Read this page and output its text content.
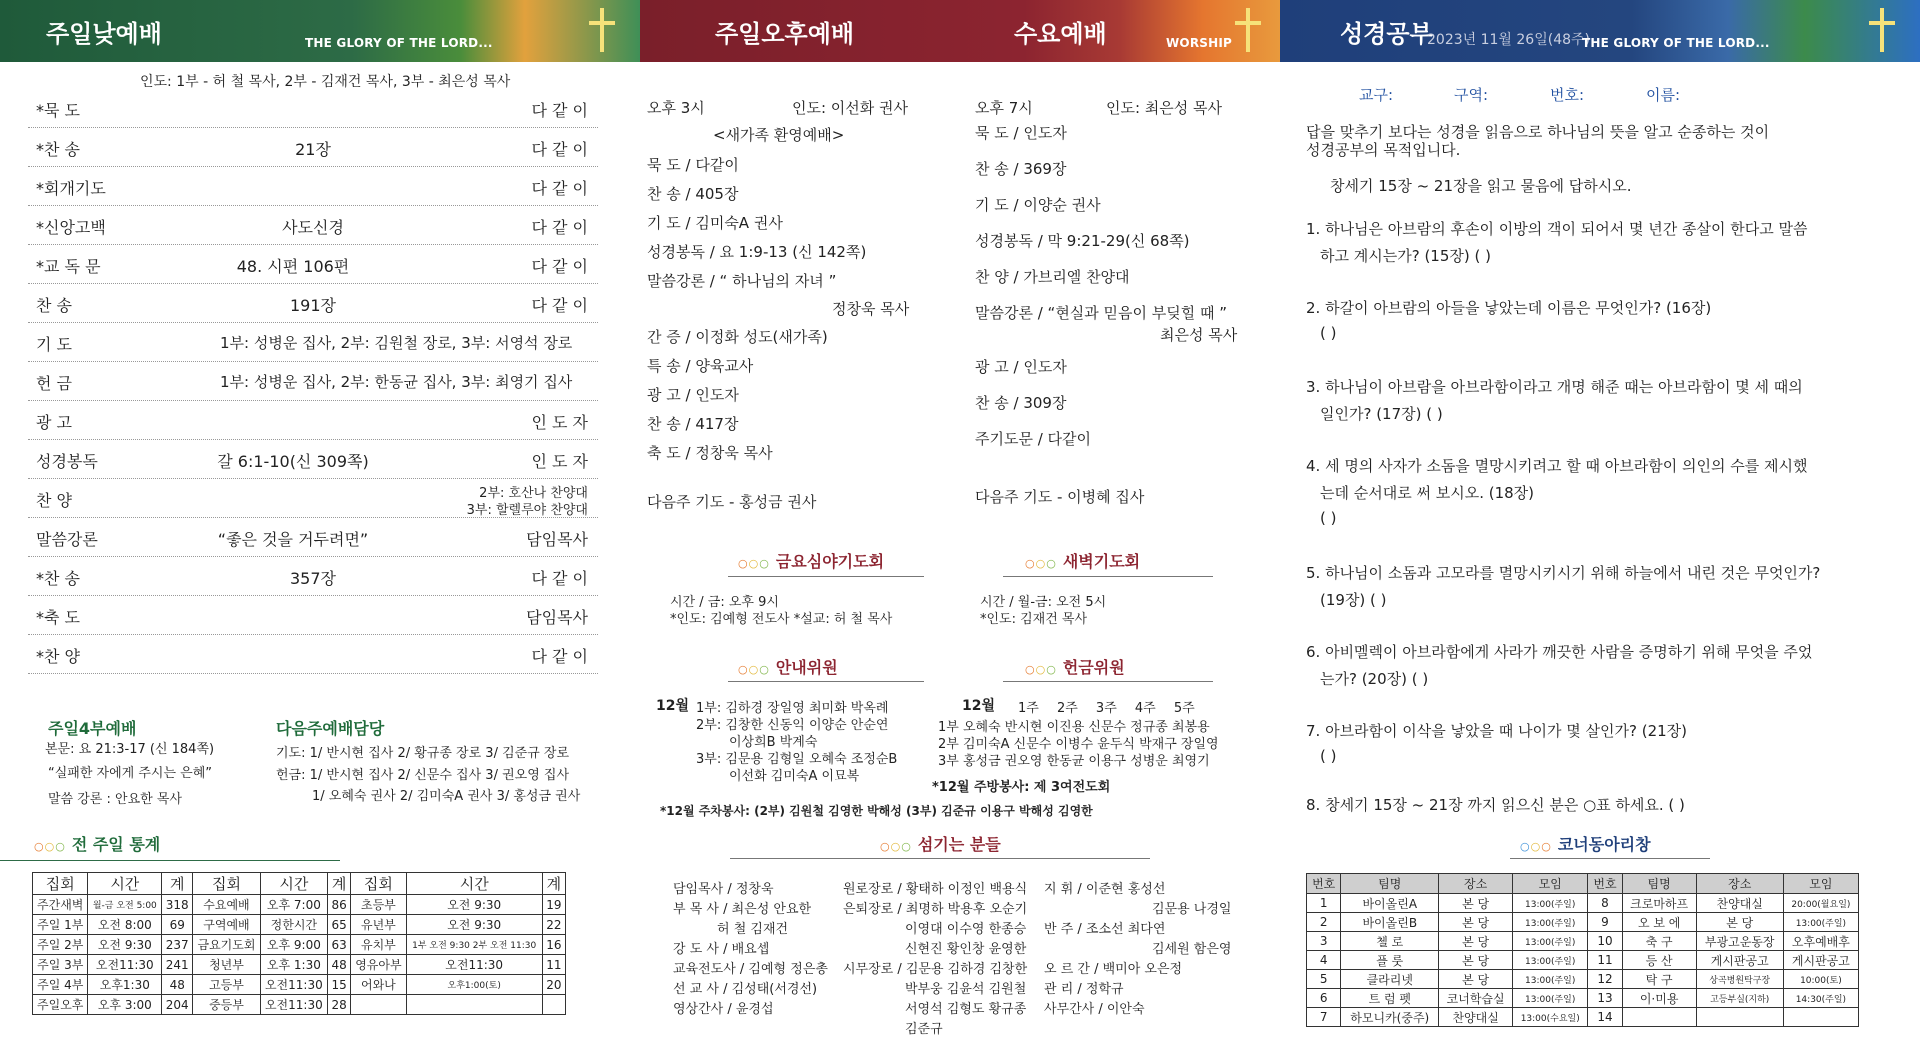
주일낮예배	THE GLORY OF THE LORD...	주일오후예배	수요예배	WORSHIP	성경공부
2023년 11월 26일(48주)
THE GLORY OF THE LORD...
인도: 1부 - 허 철 목사, 2부 - 김재건 목사, 3부 - 최은성 목사
*묵 도	다 같 이
*찬 송	21장	다 같 이
*회개기도	다 같 이
*신앙고백	사도신경	다 같 이
*교 독 문	48. 시편 106편	다 같 이
찬 송	191장	다 같 이
기 도	1부: 성병운 집사, 2부: 김원철 장로, 3부: 서영석 장로
헌 금	1부: 성병운 집사, 2부: 한동균 집사, 3부: 최영기 집사
광 고	인 도 자
성경봉독	갈 6:1-10(신 309쪽)	인 도 자
찬 양	2부: 호산나 찬양대
3부: 할렐루야 찬양대
말씀강론	“좋은 것을 거두려면”	담임목사
*찬 송	357장	다 같 이
*축 도	담임목사
*찬 양	다 같 이
주일4부예배
본문: 요 21:3-17 (신 184쪽)
“실패한 자에게 주시는 은혜”
말씀 강론 : 안요한 목사
다음주예배담당
기도: 1/ 반시현 집사 2/ 황규종 장로 3/ 김준규 장로
헌금: 1/ 반시현 집사 2/ 신문수 집사 3/ 권오영 집사
1/ 오혜숙 권사 2/ 김미숙A 권사 3/ 홍성금 권사
○○○ 전 주일 통계
집회	시간	계	집회	시간	계	집회	시간	계
주간새벽	월-금 오전 5:00	318	수요예배	오후 7:00	86	초등부	오전 9:30	19
주일 1부	오전 8:00	69	구역예배	정한시간	65	유년부	오전 9:30	22
주일 2부	오전 9:30	237	금요기도회	오후 9:00	63	유치부	1부 오전 9:30 2부 오전 11:30	16
주일 3부	오전11:30	241	청년부	오후 1:30	48	영유아부	오전11:30	11
주일 4부	오후1:30	48	고등부	오전11:30	15	어와나	오후1:00(토)	20
주일오후	오후 3:00	204	중등부	오전11:30	28			
오후 3시	인도: 이선화 권사
<새가족 환영예배>
묵 도 / 다같이
찬 송 / 405장
기 도 / 김미숙A 권사
성경봉독 / 요 1:9-13 (신 142쪽)
말씀강론 / “ 하나님의 자녀 ”
정창욱 목사
간 증 / 이정화 성도(새가족)
특 송 / 양육교사
광 고 / 인도자
찬 송 / 417장
축 도 / 정창욱 목사
다음주 기도 - 홍성금 권사
오후 7시	인도: 최은성 목사
묵 도 / 인도자
찬 송 / 369장
기 도 / 이양순 권사
성경봉독 / 막 9:21-29(신 68쪽)
찬 양 / 가브리엘 찬양대
말씀강론 / “현실과 믿음이 부딪힐 때 ”
최은성 목사
광 고 / 인도자
찬 송 / 309장
주기도문 / 다같이
다음주 기도 - 이병혜 집사
○○○ 금요심야기도회
시간 / 금: 오후 9시
*인도: 김예형 전도사 *설교: 허 철 목사
○○○ 새벽기도회
시간 / 월-금: 오전 5시
*인도: 김재건 목사
○○○ 안내위원
12월 1부: 김하경 장일영 최미화 박옥례
2부: 김창한 신동익 이양순 안순연
이상희B 박계숙
3부: 김문용 김형일 오혜숙 조정순B
이선화 김미숙A 이묘복
○○○ 헌금위원
12월 1주 2주 3주 4주 5주
1부 오혜숙 반시현 이진용 신문수 정규종 최봉용
2부 김미숙A 신문수 이병수 윤두식 박재구 장일영
3부 홍성금 권오영 한동균 이용구 성병운 최영기
*12월 주방봉사: 제 3여전도회
*12월 주차봉사: (2부) 김원철 김영한 박해성 (3부) 김준규 이용구 박해성 김영한
○○○ 섬기는 분들
담임목사 / 정창욱
부 목 사 / 최은성 안요한
허 철 김재건
강 도 사 / 배요셉
교육전도사 / 김예형 정은총
선 교 사 / 김성태(서경선)
영상간사 / 윤경섭
원로장로 / 황태하 이정인 백용식
은퇴장로 / 최명하 박용후 오순기
이영대 이수영 한종승
신현진 황인창 윤영한
시무장로 / 김문용 김하경 김창한
박부웅 김윤석 김원철
서영석 김형도 황규종
김준규
지 휘 / 이준현 홍성선
김문용 나경일
반 주 / 조소선 최다연
김세원 함은영
오 르 간 / 백미아 오은정
관 리 / 정학규
사무간사 / 이안숙
교구:	구역:	번호:	이름:
답을 맞추기 보다는 성경을 읽음으로 하나님의 뜻을 알고 순종하는 것이
성경공부의 목적입니다.
창세기 15장 ~ 21장을 읽고 물음에 답하시오.
1. 하나님은 아브람의 후손이 이방의 객이 되어서 몇 년간 종살이 한다고 말씀
하고 계시는가? (15장) ( )
2. 하갈이 아브람의 아들을 낳았는데 이름은 무엇인가? (16장)
( )
3. 하나님이 아브람을 아브라함이라고 개명 해준 때는 아브라함이 몇 세 때의
일인가? (17장) ( )
4. 세 명의 사자가 소돔을 멸망시키려고 할 때 아브라함이 의인의 수를 제시했
는데 순서대로 써 보시오. (18장)
( )
5. 하나님이 소돔과 고모라를 멸망시키시기 위해 하늘에서 내린 것은 무엇인가?
(19장) ( )
6. 아비멜렉이 아브라함에게 사라가 깨끗한 사람을 증명하기 위해 무엇을 주었
는가? (20장) ( )
7. 아브라함이 이삭을 낳았을 때 나이가 몇 살인가? (21장)
( )
8. 창세기 15장 ~ 21장 까지 읽으신 분은 ○표 하세요. ( )
○○○ 코너동아리창
번호	팀명	장소	모임	번호	팀명	장소	모임
1	바이올린A	본 당	13:00(주일)	8	크로마하프	찬양대실	20:00(월요일)
2	바이올린B	본 당	13:00(주일)	9	오 보 에	본 당	13:00(주일)
3	첼 로	본 당	13:00(주일)	10	축 구	부광고운동장	오후예배후
4	플 룻	본 당	13:00(주일)	11	등 산	게시판공고	게시판공고
5	클라리넷	본 당	13:00(주일)	12	탁 구	상곡병원탁구장	10:00(토)
6	트 럼 펫	코너학습실	13:00(주일)	13	이·미용	고등부실(지하)	14:30(주일)
7	하모니카(중주)	찬양대실	13:00(수요일)	14			
